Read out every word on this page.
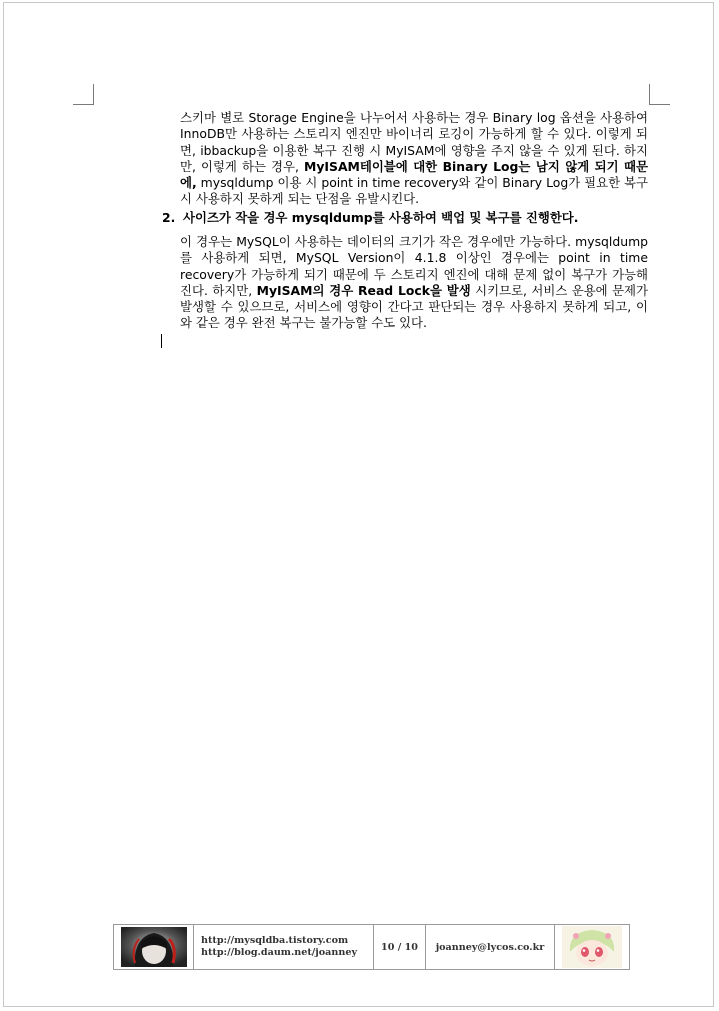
스키마 별로 Storage Engine을 나누어서 사용하는 경우 Binary log 옵션을 사용하여 InnoDB만 사용하는 스토리지 엔진만 바이너리 로깅이 가능하게 할 수 있다. 이렇게 되면, ibbackup을 이용한 복구 진행 시 MyISAM에 영향을 주지 않을 수 있게 된다. 하지만, 이렇게 하는 경우, MyISAM테이블에 대한 Binary Log는 남지 않게 되기 때문에, mysqldump 이용 시 point in time recovery와 같이 Binary Log가 필요한 복구 시 사용하지 못하게 되는 단점을 유발시킨다.

2. 사이즈가 작을 경우 mysqldump를 사용하여 백업 및 복구를 진행한다.

이 경우는 MySQL이 사용하는 데이터의 크기가 작은 경우에만 가능하다. mysqldump를 사용하게 되면, MySQL Version이 4.1.8 이상인 경우에는 point in time recovery가 가능하게 되기 때문에 두 스토리지 엔진에 대해 문제 없이 복구가 가능해 진다. 하지만, MyISAM의 경우 Read Lock을 발생 시키므로, 서비스 운용에 문제가 발생할 수 있으므로, 서비스에 영향이 간다고 판단되는 경우 사용하지 못하게 되고, 이와 같은 경우 완전 복구는 불가능할 수도 있다.

http://mysqldba.tistory.com
http://blog.daum.net/joanney	10 / 10 joanney@lycos.co.kr
